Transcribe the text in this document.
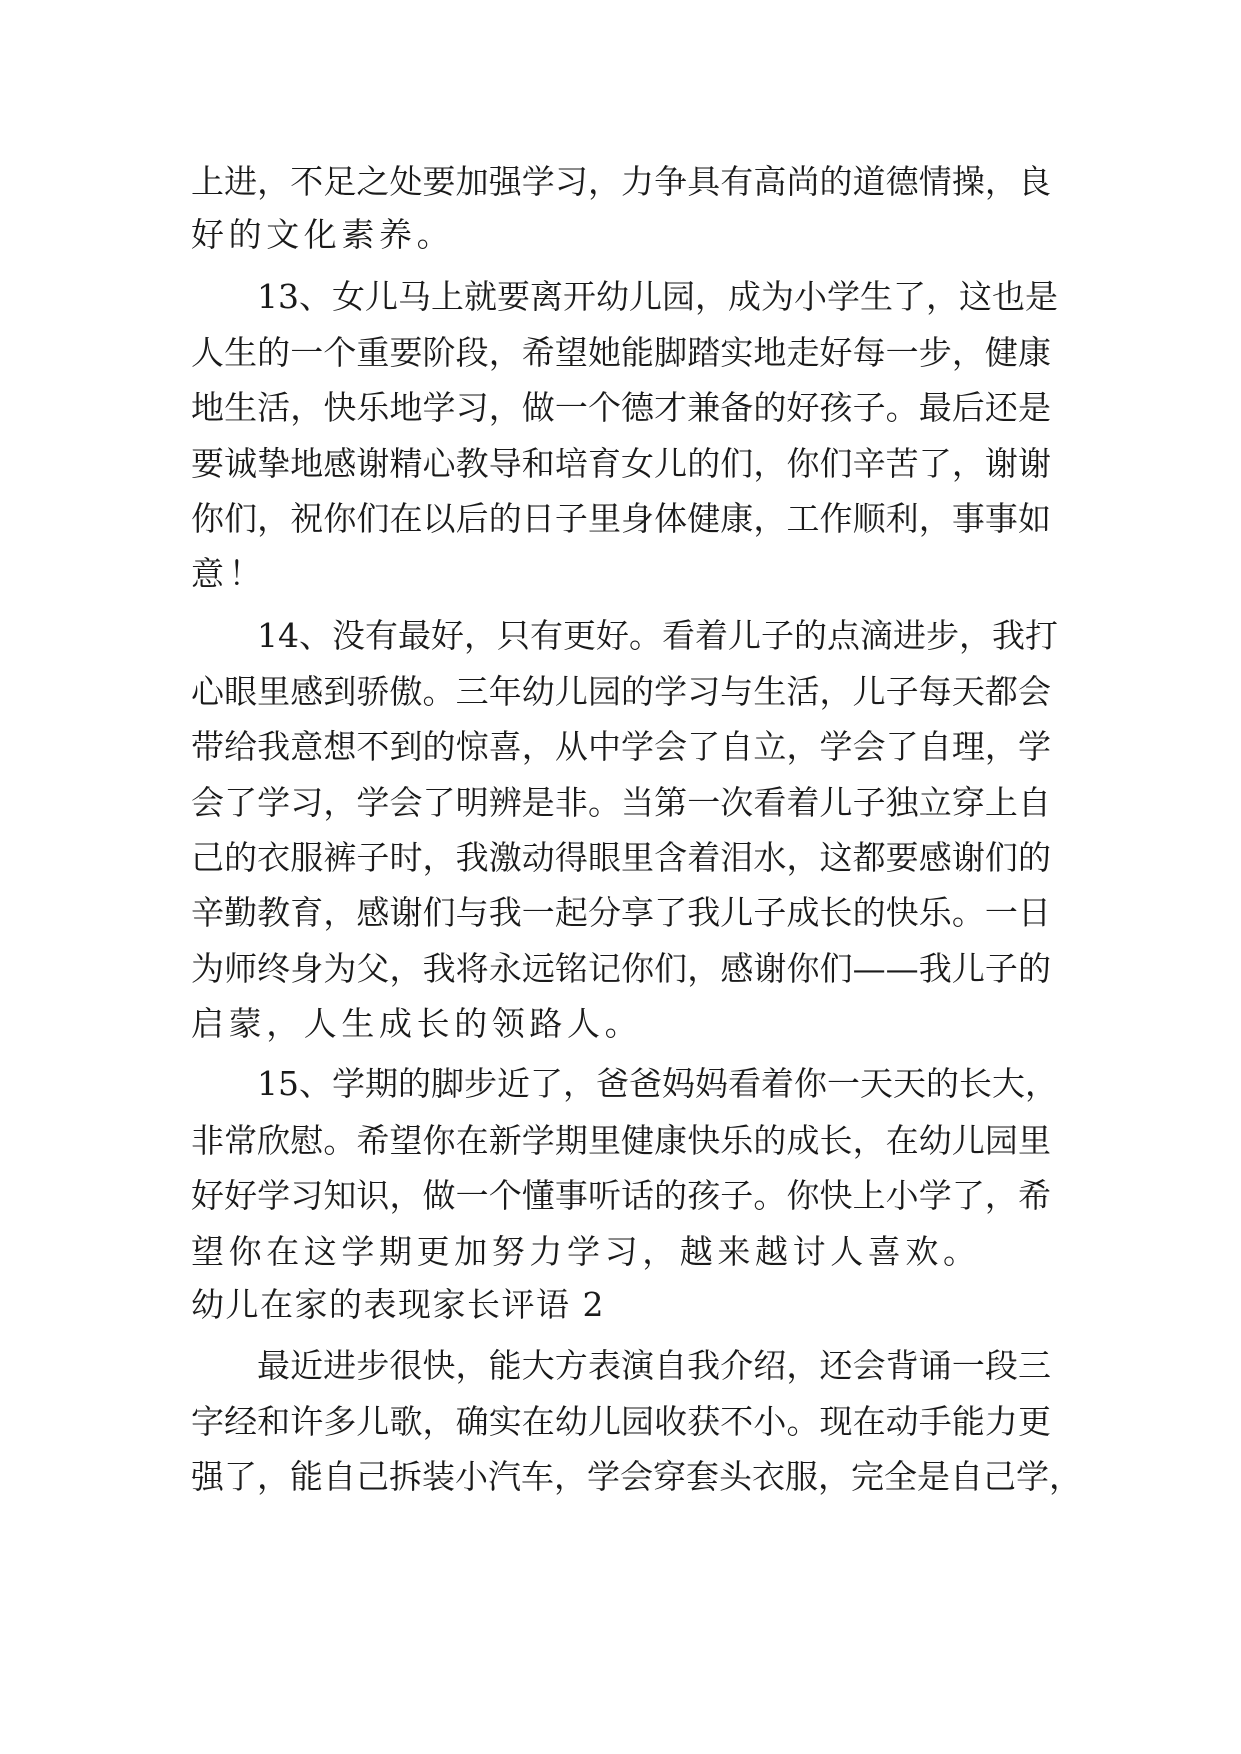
上进，不足之处要加强学习，力争具有高尚的道德情操，良
好的文化素养。
13、女儿马上就要离开幼儿园，成为小学生了，这也是
人生的一个重要阶段，希望她能脚踏实地走好每一步，健康
地生活，快乐地学习，做一个德才兼备的好孩子。最后还是
要诚挚地感谢精心教导和培育女儿的们，你们辛苦了，谢谢
你们，祝你们在以后的日子里身体健康，工作顺利，事事如
意！
14、没有最好，只有更好。看着儿子的点滴进步，我打
心眼里感到骄傲。三年幼儿园的学习与生活，儿子每天都会
带给我意想不到的惊喜，从中学会了自立，学会了自理，学
会了学习，学会了明辨是非。当第一次看着儿子独立穿上自
己的衣服裤子时，我激动得眼里含着泪水，这都要感谢们的
辛勤教育，感谢们与我一起分享了我儿子成长的快乐。一日
为师终身为父，我将永远铭记你们，感谢你们——我儿子的
启蒙，人生成长的领路人。
15、学期的脚步近了，爸爸妈妈看着你一天天的长大，
非常欣慰。希望你在新学期里健康快乐的成长，在幼儿园里
好好学习知识，做一个懂事听话的孩子。你快上小学了，希
望你在这学期更加努力学习，越来越讨人喜欢。
幼儿在家的表现家长评语 2
最近进步很快，能大方表演自我介绍，还会背诵一段三
字经和许多儿歌，确实在幼儿园收获不小。现在动手能力更
强了，能自己拆装小汽车，学会穿套头衣服，完全是自己学，
